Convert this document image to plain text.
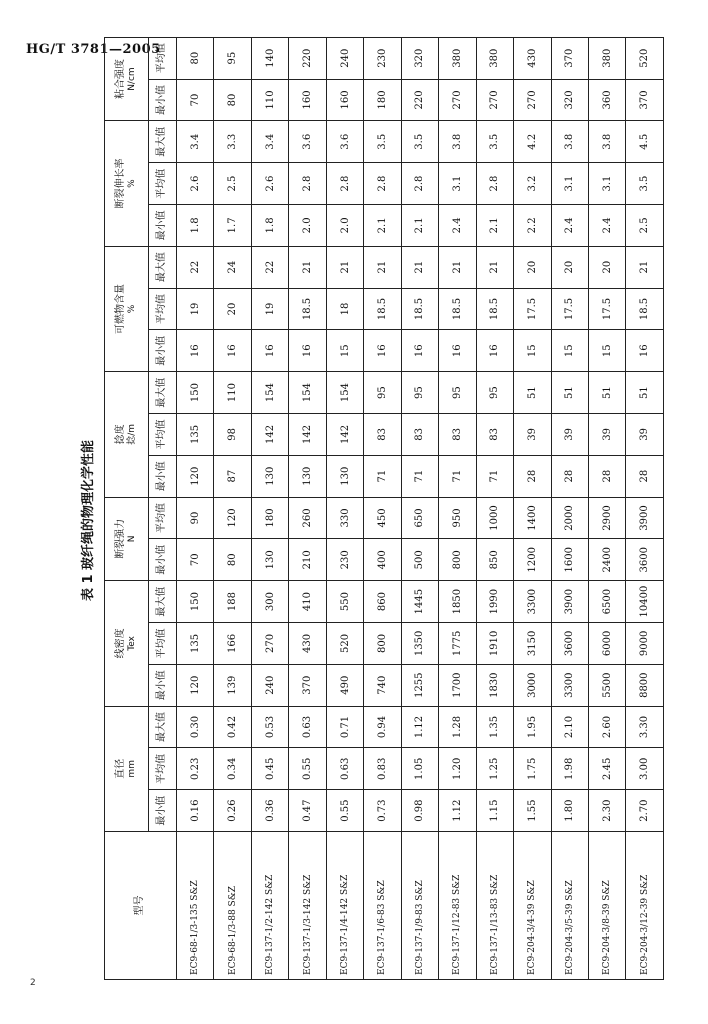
HG/T 3781—2005
表 1 玻纤绳的物理化学性能
型号	直径 mm			线密度 Tex			断裂强力 N		捻度 捻/m			可燃物含量 %			断裂伸长率 %			粘合强度 N/cm	

	最小值	平均值	最大值	最小值	平均值	最大值	最小值	平均值	最小值	平均值	最大值	最小值	平均值	最大值	最小值	平均值	最大值	最小值	平均值
EC9-68-1/3-135 S&Z	0.16	0.23	0.30	120	135	150	70	90	120	135	150	16	19	22	1.8	2.6	3.4	70	80
EC9-68-1/3-88 S&Z	0.26	0.34	0.42	139	166	188	80	120	87	98	110	16	20	24	1.7	2.5	3.3	80	95
EC9-137-1/2-142 S&Z	0.36	0.45	0.53	240	270	300	130	180	130	142	154	16	19	22	1.8	2.6	3.4	110	140
EC9-137-1/3-142 S&Z	0.47	0.55	0.63	370	430	410	210	260	130	142	154	16	18.5	21	2.0	2.8	3.6	160	220
EC9-137-1/4-142 S&Z	0.55	0.63	0.71	490	520	550	230	330	130	142	154	15	18	21	2.0	2.8	3.6	160	240
EC9-137-1/6-83 S&Z	0.73	0.83	0.94	740	800	860	400	450	71	83	95	16	18.5	21	2.1	2.8	3.5	180	230
EC9-137-1/9-83 S&Z	0.98	1.05	1.12	1255	1350	1445	500	650	71	83	95	16	18.5	21	2.1	2.8	3.5	220	320
EC9-137-1/12-83 S&Z	1.12	1.20	1.28	1700	1775	1850	800	950	71	83	95	16	18.5	21	2.4	3.1	3.8	270	380
EC9-137-1/13-83 S&Z	1.15	1.25	1.35	1830	1910	1990	850	1000	71	83	95	16	18.5	21	2.1	2.8	3.5	270	380
EC9-204-3/4-39 S&Z	1.55	1.75	1.95	3000	3150	3300	1200	1400	28	39	51	15	17.5	20	2.2	3.2	4.2	270	430
EC9-204-3/5-39 S&Z	1.80	1.98	2.10	3300	3600	3900	1600	2000	28	39	51	15	17.5	20	2.4	3.1	3.8	320	370
EC9-204-3/8-39 S&Z	2.30	2.45	2.60	5500	6000	6500	2400	2900	28	39	51	15	17.5	20	2.4	3.1	3.8	360	380
EC9-204-3/12-39 S&Z	2.70	3.00	3.30	8800	9000	10400	3600	3900	28	39	51	16	18.5	21	2.5	3.5	4.5	370	520
2
